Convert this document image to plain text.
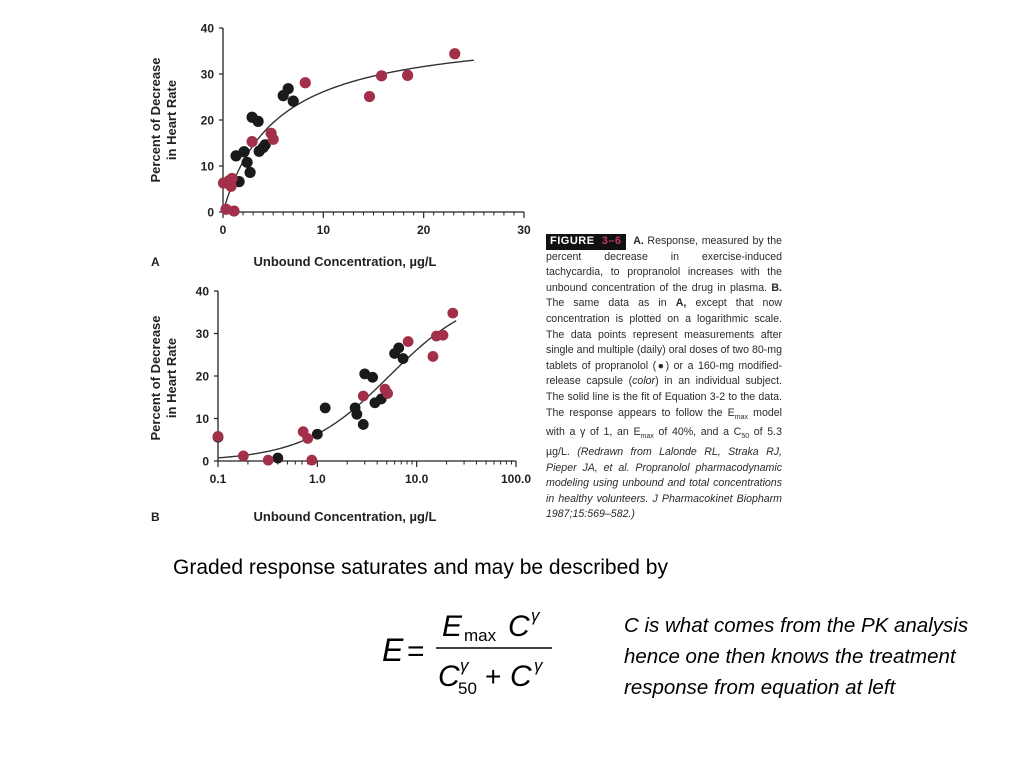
0
10
20
30
40
0	10	20	30
Percent of Decrease in Heart Rate
Unbound Concentration, µg/L
A
0
10
20
30
40
0.1	1.0	10.0	100.0
Percent of Decrease in Heart Rate
Unbound Concentration, µg/L
B
FIGURE 3–6 A. Response, measured by the percent decrease in exercise-induced tachycardia, to propranolol increases with the unbound concentration of the drug in plasma. B. The same data as in A, except that now concentration is plotted on a logarithmic scale. The data points represent measurements after single and multiple (daily) oral doses of two 80-mg tablets of propranolol (●) or a 160-mg modified-release capsule (color) in an individual subject. The solid line is the fit of Equation 3-2 to the data. The response appears to follow the $E_{max}$ model with a γ of 1, an $E_{max}$ of 40%, and a $C_{50}$ of 5.3 µg/L. (Redrawn from Lalonde RL, Straka RJ, Pieper JA, et al. Propranolol pharmacodynamic modeling using unbound and total concentrations in healthy volunteers. J Pharmacokinet Biopharm 1987;15:569–582.)
Graded response saturates and may be described by
E =
E max C γ
C γ
50 + C γ
C is what comes from the PK analysis hence one then knows the treatment response from equation at left
